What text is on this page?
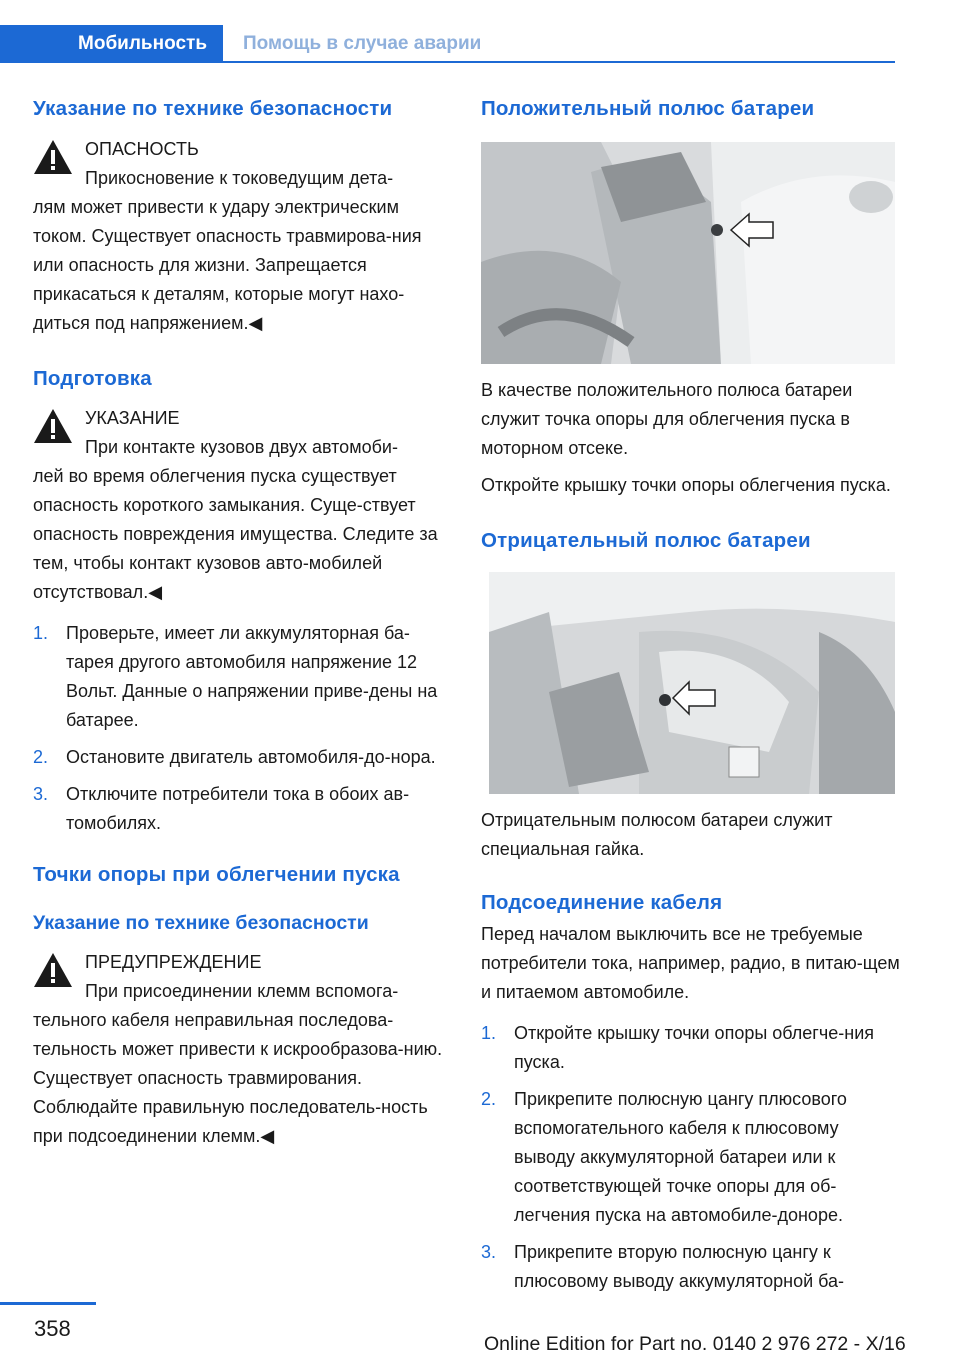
Мобильность	Помощь в случае аварии
Указание по технике безопасности
ОПАСНОСТЬ
Прикосновение к токоведущим дета‐
лям может привести к удару электрическим током. Существует опасность травмирова‐ния или опасность для жизни. Запрещается прикасаться к деталям, которые могут нахо‐диться под напряжением.◀
Подготовка
УКАЗАНИЕ
При контакте кузовов двух автомоби‐
лей во время облегчения пуска существует опасность короткого замыкания. Суще‐ствует опасность повреждения имущества. Следите за тем, чтобы контакт кузовов авто‐мобилей отсутствовал.◀
1. Проверьте, имеет ли аккумуляторная ба‐тарея другого автомобиля напряжение 12 Вольт. Данные о напряжении приве‐дены на батарее.
2. Остановите двигатель автомобиля-до‐нора.
3. Отключите потребители тока в обоих ав‐томобилях.
Точки опоры при облегчении пуска
Указание по технике безопасности
ПРЕДУПРЕЖДЕНИЕ
При присоединении клемм вспомога‐
тельного кабеля неправильная последова‐тельность может привести к искрообразова‐нию. Существует опасность травмирования. Соблюдайте правильную последователь‐ность при подсоединении клемм.◀
Положительный полюс батареи
В качестве положительного полюса батареи служит точка опоры для облегчения пуска в моторном отсеке.
Откройте крышку точки опоры облегчения пуска.
Отрицательный полюс батареи
Отрицательным полюсом батареи служит специальная гайка.
Подсоединение кабеля
Перед началом выключить все не требуемые потребители тока, например, радио, в питаю‐щем и питаемом автомобиле.
1. Откройте крышку точки опоры облегче‐ния пуска.
2. Прикрепите полюсную цангу плюсового вспомогательного кабеля к плюсовому выводу аккумуляторной батареи или к соответствующей точке опоры для об‐легчения пуска на автомобиле-доноре.
3. Прикрепите вторую полюсную цангу к плюсовому выводу аккумуляторной ба‐
358
Online Edition for Part no. 0140 2 976 272 - X/16
